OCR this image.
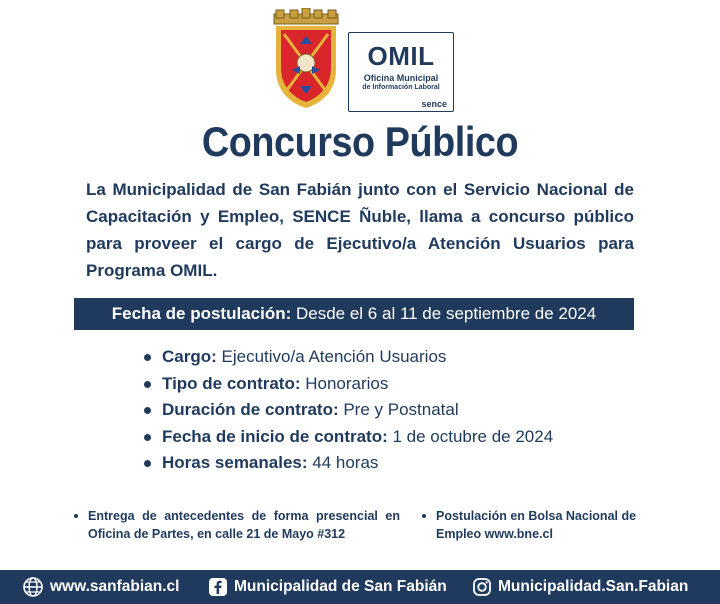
OMIL
Oficina Municipal
de Información Laboral
sence
Concurso Público
La Municipalidad de San Fabián junto con el Servicio Nacional de Capacitación y Empleo, SENCE Ñuble, llama a concurso público para proveer el cargo de Ejecutivo/a Atención Usuarios para Programa OMIL.
Fecha de postulación: Desde el 6 al 11 de septiembre de 2024
Cargo: Ejecutivo/a Atención Usuarios
Tipo de contrato: Honorarios
Duración de contrato: Pre y Postnatal
Fecha de inicio de contrato: 1 de octubre de 2024
Horas semanales: 44 horas
Entrega de antecedentes de forma presencial en Oficina de Partes, en calle 21 de Mayo #312
Postulación en Bolsa Nacional de Empleo www.bne.cl
www.sanfabian.cl	Municipalidad de San Fabián	Municipalidad.San.Fabian
